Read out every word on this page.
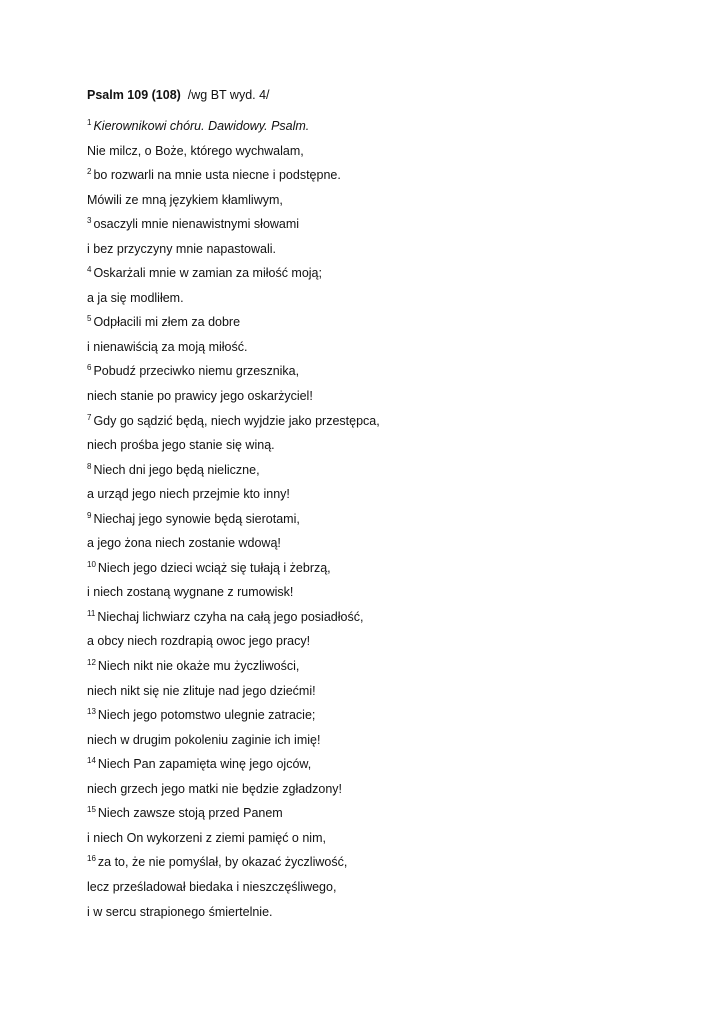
Psalm 109 (108) /wg BT wyd. 4/
$^1$ Kierownikowi chóru. Dawidowy. Psalm.
Nie milcz, o Boże, którego wychwalam,
$^2$ bo rozwarli na mnie usta niecne i podstępne.
Mówili ze mną językiem kłamliwym,
$^3$ osaczyli mnie nienawistnymi słowami
i bez przyczyny mnie napastowali.
$^4$ Oskarżali mnie w zamian za miłość moją;
a ja się modliłem.
$^5$ Odpłacili mi złem za dobre
i nienawiścią za moją miłość.
$^6$ Pobudź przeciwko niemu grzesznika,
niech stanie po prawicy jego oskarżyciel!
$^7$ Gdy go sądzić będą, niech wyjdzie jako przestępca,
niech prośba jego stanie się winą.
$^8$ Niech dni jego będą nieliczne,
a urząd jego niech przejmie kto inny!
$^9$ Niechaj jego synowie będą sierotami,
a jego żona niech zostanie wdową!
$^{10}$ Niech jego dzieci wciąż się tułają i żebrzą,
i niech zostaną wygnane z rumowisk!
$^{11}$ Niechaj lichwiarz czyha na całą jego posiadłość,
a obcy niech rozdrapią owoc jego pracy!
$^{12}$ Niech nikt nie okaże mu życzliwości,
niech nikt się nie zlituje nad jego dziećmi!
$^{13}$ Niech jego potomstwo ulegnie zatracie;
niech w drugim pokoleniu zaginie ich imię!
$^{14}$ Niech Pan zapamięta winę jego ojców,
niech grzech jego matki nie będzie zgładzony!
$^{15}$ Niech zawsze stoją przed Panem
i niech On wykorzeni z ziemi pamięć o nim,
$^{16}$ za to, że nie pomyślał, by okazać życzliwość,
lecz prześladował biedaka i nieszczęśliwego,
i w sercu strapionego śmiertelnie.
